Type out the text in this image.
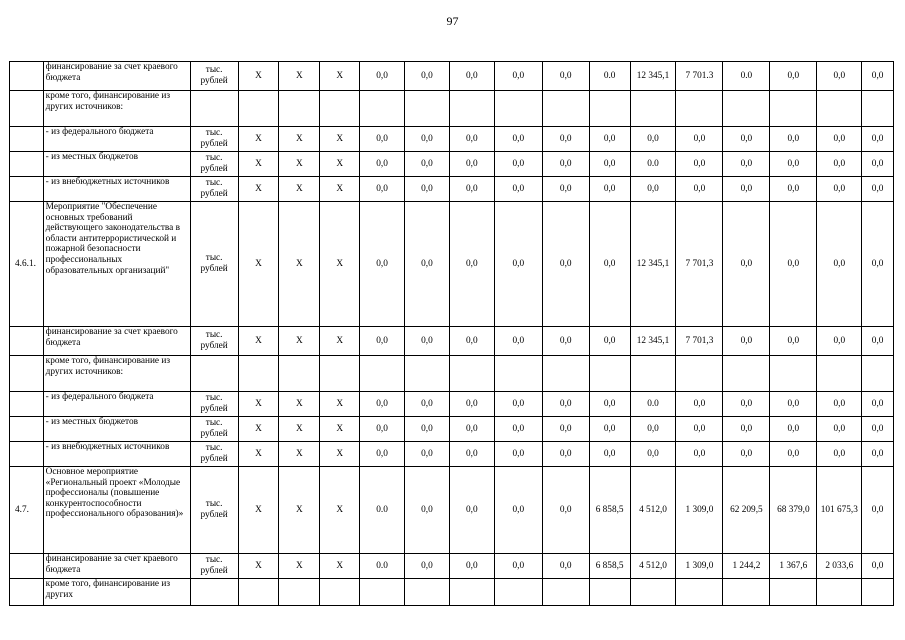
97
	финансирование за счет краевого бюджета	тыс. рублей	X	X	X	0,0	0,0	0,0	0,0	0,0	0.0	12 345,1	7 701.3	0.0	0,0	0,0	0,0
	кроме того, финансирование из других источников:																
	- из федерального бюджета	тыс. рублей	X	X	X	0,0	0,0	0,0	0,0	0,0	0,0	0,0	0,0	0,0	0,0	0,0	0,0
	- из местных бюджетов	тыс. рублей	X	X	X	0,0	0,0	0,0	0,0	0,0	0,0	0.0	0,0	0,0	0,0	0,0	0,0
	- из внебюджетных источников	тыс. рублей	X	X	X	0,0	0,0	0,0	0,0	0,0	0,0	0,0	0,0	0,0	0,0	0,0	0,0
4.6.1.	Мероприятие "Обеспечение основных требований действующего законодательства в области антитеррористической и пожарной безопасности профессиональных образовательных организаций"	тыс. рублей	X	X	X	0,0	0,0	0,0	0,0	0,0	0,0	12 345,1	7 701,3	0,0	0,0	0,0	0,0
	финансирование за счет краевого бюджета	тыс. рублей	X	X	X	0,0	0,0	0,0	0,0	0,0	0,0	12 345,1	7 701,3	0,0	0,0	0,0	0,0
	кроме того, финансирование из других источников:																
	- из федерального бюджета	тыс. рублей	X	X	X	0,0	0,0	0,0	0,0	0,0	0,0	0.0	0,0	0,0	0,0	0,0	0,0
	- из местных бюджетов	тыс. рублей	X	X	X	0,0	0,0	0,0	0,0	0,0	0,0	0,0	0,0	0,0	0,0	0,0	0,0
	- из внебюджетных источников	тыс. рублей	X	X	X	0,0	0,0	0,0	0,0	0,0	0,0	0,0	0,0	0,0	0,0	0,0	0,0
4.7.	Основное мероприятие «Региональный проект «Молодые профессионалы (повышение конкурентоспособности профессионального образования)»	тыс. рублей	X	X	X	0.0	0,0	0,0	0,0	0,0	6 858,5	4 512,0	1 309,0	62 209,5	68 379,0	101 675,3	0,0
	финансирование за счет краевого бюджета	тыс. рублей	X	X	X	0.0	0,0	0,0	0,0	0,0	6 858,5	4 512,0	1 309,0	1 244,2	1 367,6	2 033,6	0,0
	кроме того, финансирование из других																
